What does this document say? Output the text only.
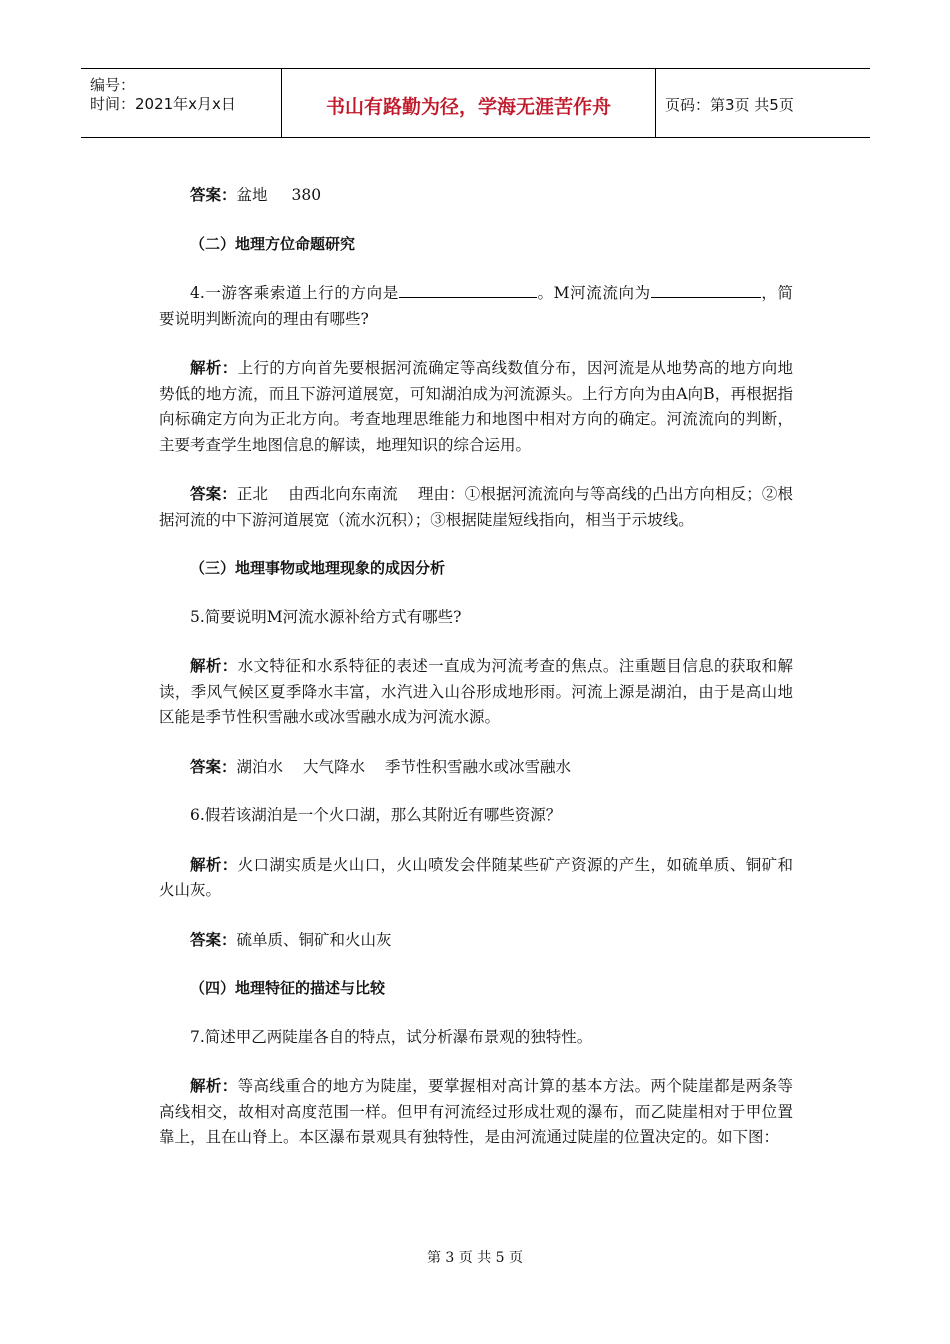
编号：
时间：2021年x月x日	书山有路勤为径，学海无涯苦作舟	页码：第3页 共5页

答案：盆地 380

（二）地理方位命题研究

4.一游客乘索道上行的方向是	。M河流流向为	，简要说明判断流向的理由有哪些?

解析：上行的方向首先要根据河流确定等高线数值分布，因河流是从地势高的地方向地势低的地方流，而且下游河道展宽，可知湖泊成为河流源头。上行方向为由A向B，再根据指向标确定方向为正北方向。考查地理思维能力和地图中相对方向的确定。河流流向的判断，主要考查学生地图信息的解读，地理知识的综合运用。

答案：正北 由西北向东南流 理由：①根据河流流向与等高线的凸出方向相反；②根据河流的中下游河道展宽（流水沉积）；③根据陡崖短线指向，相当于示坡线。

（三）地理事物或地理现象的成因分析

5.简要说明M河流水源补给方式有哪些?

解析：水文特征和水系特征的表述一直成为河流考查的焦点。注重题目信息的获取和解读，季风气候区夏季降水丰富，水汽进入山谷形成地形雨。河流上源是湖泊，由于是高山地区能是季节性积雪融水或冰雪融水成为河流水源。

答案：湖泊水 大气降水 季节性积雪融水或冰雪融水

6.假若该湖泊是一个火口湖，那么其附近有哪些资源？

解析：火口湖实质是火山口，火山喷发会伴随某些矿产资源的产生，如硫单质、铜矿和火山灰。

答案：硫单质、铜矿和火山灰

（四）地理特征的描述与比较

7.简述甲乙两陡崖各自的特点，试分析瀑布景观的独特性。

解析：等高线重合的地方为陡崖，要掌握相对高计算的基本方法。两个陡崖都是两条等高线相交，故相对高度范围一样。但甲有河流经过形成壮观的瀑布，而乙陡崖相对于甲位置靠上，且在山脊上。本区瀑布景观具有独特性，是由河流通过陡崖的位置决定的。如下图：

第 3 页 共 5 页
